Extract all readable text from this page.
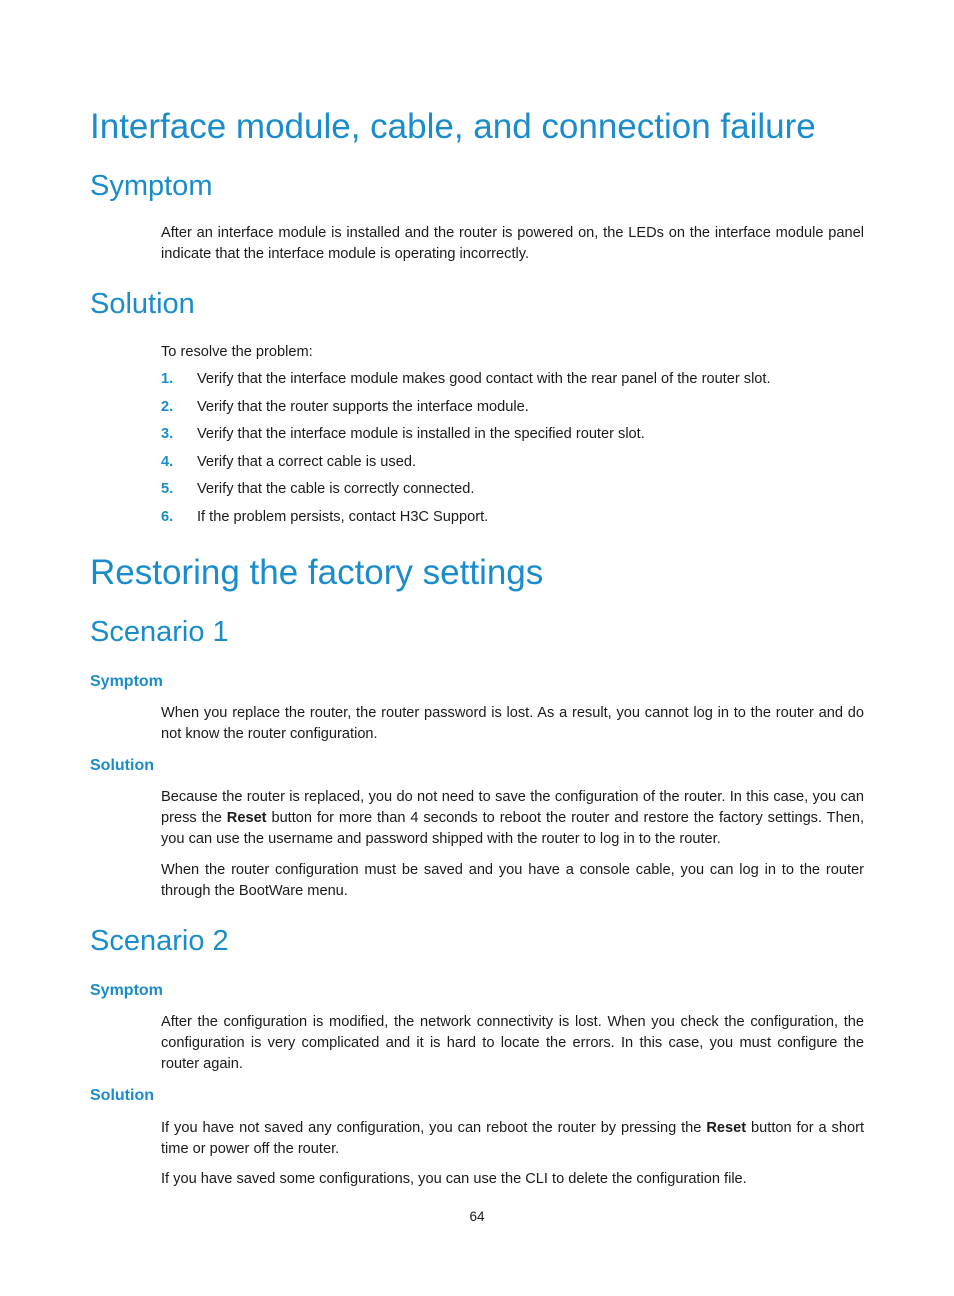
Interface module, cable, and connection failure
Symptom

After an interface module is installed and the router is powered on, the LEDs on the interface module panel indicate that the interface module is operating incorrectly.

Solution

To resolve the problem:

1. Verify that the interface module makes good contact with the rear panel of the router slot.
2. Verify that the router supports the interface module.
3. Verify that the interface module is installed in the specified router slot.
4. Verify that a correct cable is used.
5. Verify that the cable is correctly connected.
6. If the problem persists, contact H3C Support.
Restoring the factory settings
Scenario 1
Symptom

When you replace the router, the router password is lost. As a result, you cannot log in to the router and do not know the router configuration.

Solution

Because the router is replaced, you do not need to save the configuration of the router. In this case, you can press the Reset button for more than 4 seconds to reboot the router and restore the factory settings. Then, you can use the username and password shipped with the router to log in to the router.

When the router configuration must be saved and you have a console cable, you can log in to the router through the BootWare menu.

Scenario 2
Symptom

After the configuration is modified, the network connectivity is lost. When you check the configuration, the configuration is very complicated and it is hard to locate the errors. In this case, you must configure the router again.

Solution

If you have not saved any configuration, you can reboot the router by pressing the Reset button for a short time or power off the router.

If you have saved some configurations, you can use the CLI to delete the configuration file.

64
